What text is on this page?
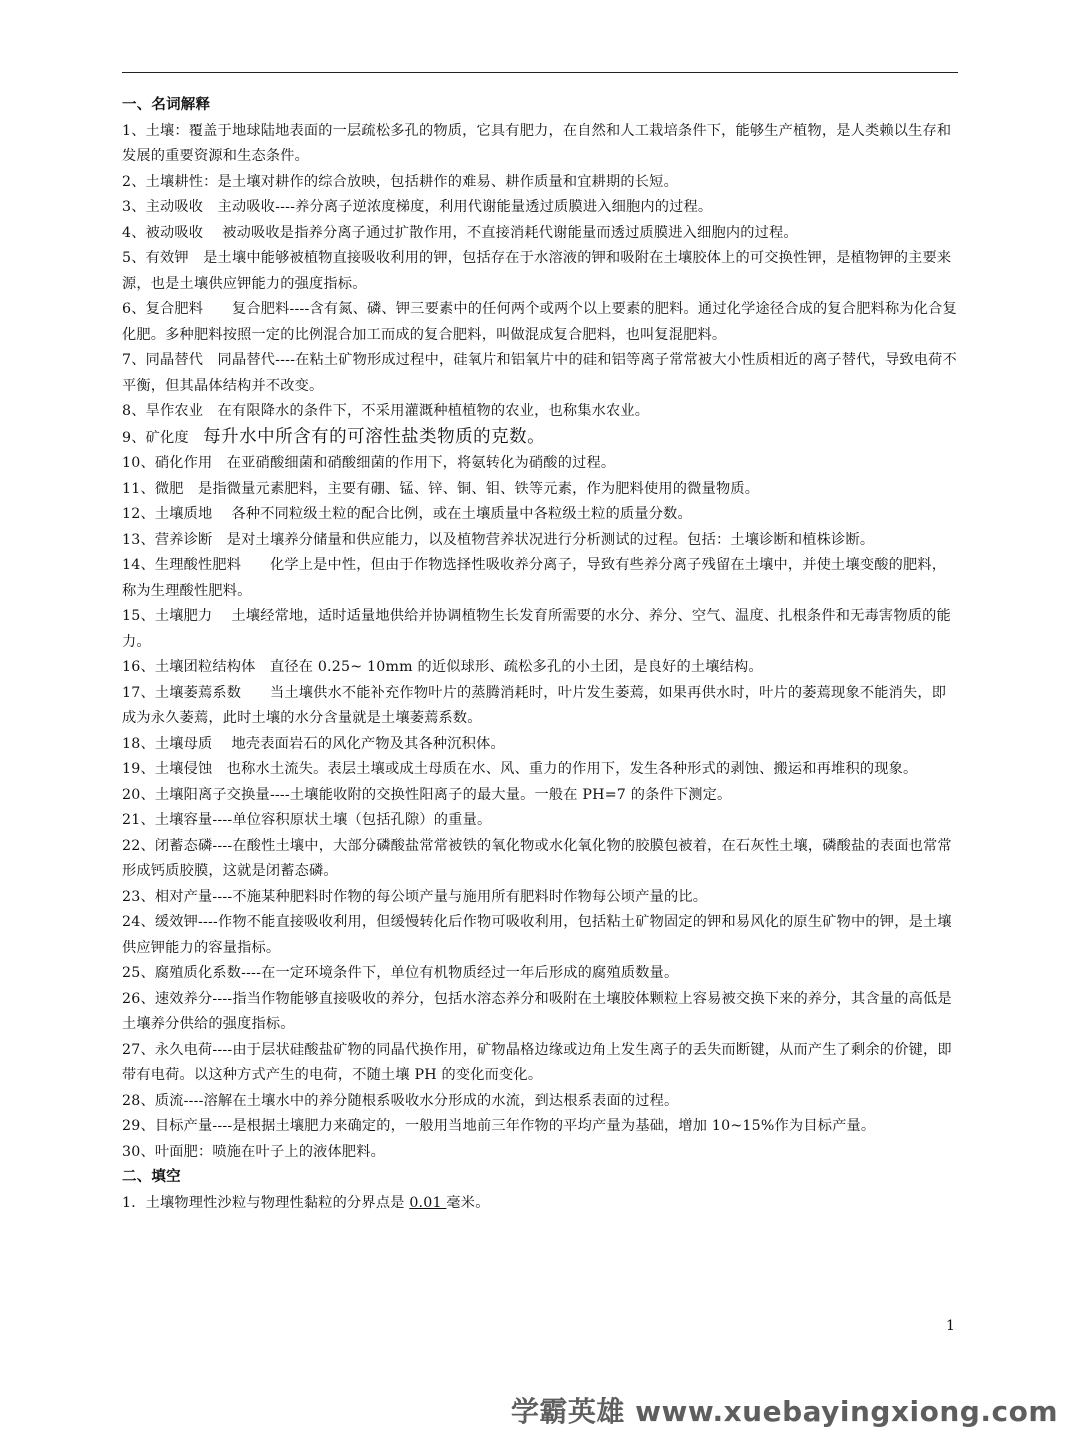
一、名词解释
1、土壤：覆盖于地球陆地表面的一层疏松多孔的物质，它具有肥力，在自然和人工栽培条件下，能够生产植物，是人类赖以生存和发展的重要资源和生态条件。
2、土壤耕性：是土壤对耕作的综合放映，包括耕作的难易、耕作质量和宜耕期的长短。
3、主动吸收　主动吸收----养分离子逆浓度梯度，利用代谢能量透过质膜进入细胞内的过程。
4、被动吸收　 被动吸收是指养分离子通过扩散作用，不直接消耗代谢能量而透过质膜进入细胞内的过程。
5、有效钾　是土壤中能够被植物直接吸收利用的钾，包括存在于水溶液的钾和吸附在土壤胶体上的可交换性钾，是植物钾的主要来源，也是土壤供应钾能力的强度指标。
6、复合肥料　　复合肥料----含有氮、磷、钾三要素中的任何两个或两个以上要素的肥料。通过化学途径合成的复合肥料称为化合复化肥。多种肥料按照一定的比例混合加工而成的复合肥料，叫做混成复合肥料，也叫复混肥料。
7、同晶替代　同晶替代----在粘土矿物形成过程中，硅氧片和铝氧片中的硅和铝等离子常常被大小性质相近的离子替代，导致电荷不平衡，但其晶体结构并不改变。
8、旱作农业　在有限降水的条件下，不采用灌溉种植植物的农业，也称集水农业。
9、矿化度　每升水中所含有的可溶性盐类物质的克数。
10、硝化作用　在亚硝酸细菌和硝酸细菌的作用下，将氨转化为硝酸的过程。
11、微肥　是指微量元素肥料，主要有硼、锰、锌、铜、钼、铁等元素，作为肥料使用的微量物质。
12、土壤质地　 各种不同粒级土粒的配合比例，或在土壤质量中各粒级土粒的质量分数。
13、营养诊断　是对土壤养分储量和供应能力，以及植物营养状况进行分析测试的过程。包括：土壤诊断和植株诊断。
14、生理酸性肥料　　化学上是中性，但由于作物选择性吸收养分离子，导致有些养分离子残留在土壤中，并使土壤变酸的肥料，称为生理酸性肥料。
15、土壤肥力　 土壤经常地，适时适量地供给并协调植物生长发育所需要的水分、养分、空气、温度、扎根条件和无毒害物质的能力。
16、土壤团粒结构体　直径在 0.25~ 10mm 的近似球形、疏松多孔的小土团，是良好的土壤结构。
17、土壤萎蔫系数　　当土壤供水不能补充作物叶片的蒸腾消耗时，叶片发生萎蔫，如果再供水时，叶片的萎蔫现象不能消失，即成为永久萎蔫，此时土壤的水分含量就是土壤萎蔫系数。
18、土壤母质　 地壳表面岩石的风化产物及其各种沉积体。
19、土壤侵蚀　也称水土流失。表层土壤或成土母质在水、风、重力的作用下，发生各种形式的剥蚀、搬运和再堆积的现象。
20、土壤阳离子交换量----土壤能收附的交换性阳离子的最大量。一般在 PH=7 的条件下测定。
21、土壤容量----单位容积原状土壤（包括孔隙）的重量。
22、闭蓄态磷----在酸性土壤中，大部分磷酸盐常常被铁的氧化物或水化氧化物的胶膜包被着，在石灰性土壤，磷酸盐的表面也常常形成钙质胶膜，这就是闭蓄态磷。
23、相对产量----不施某种肥料时作物的每公顷产量与施用所有肥料时作物每公顷产量的比。
24、缓效钾----作物不能直接吸收利用，但缓慢转化后作物可吸收利用，包括粘土矿物固定的钾和易风化的原生矿物中的钾，是土壤供应钾能力的容量指标。
25、腐殖质化系数----在一定环境条件下，单位有机物质经过一年后形成的腐殖质数量。
26、速效养分----指当作物能够直接吸收的养分，包括水溶态养分和吸附在土壤胶体颗粒上容易被交换下来的养分，其含量的高低是土壤养分供给的强度指标。
27、永久电荷----由于层状硅酸盐矿物的同晶代换作用，矿物晶格边缘或边角上发生离子的丢失而断键，从而产生了剩余的价键，即带有电荷。以这种方式产生的电荷，不随土壤 PH 的变化而变化。
28、质流----溶解在土壤水中的养分随根系吸收水分形成的水流，到达根系表面的过程。
29、目标产量----是根据土壤肥力来确定的，一般用当地前三年作物的平均产量为基础，增加 10~15%作为目标产量。
30、叶面肥：喷施在叶子上的液体肥料。
二、填空
1．土壤物理性沙粒与物理性黏粒的分界点是 0.01 毫米。
1
学霸英雄 www.xuebayingxiong.com
